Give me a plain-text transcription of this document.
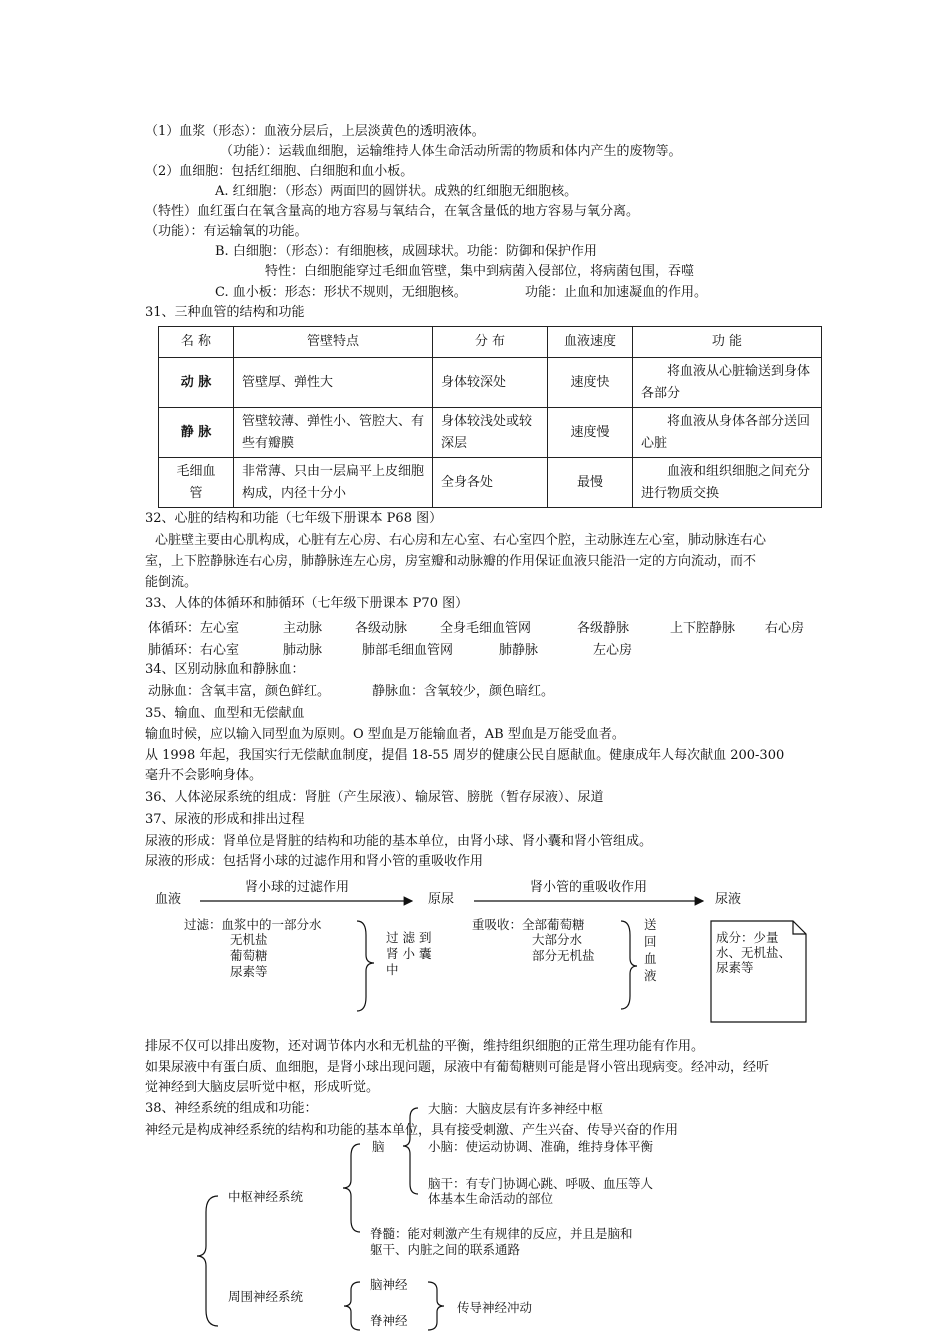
（1）血浆（形态）：血液分层后，上层淡黄色的透明液体。
（功能）：运载血细胞，运输维持人体生命活动所需的物质和体内产生的废物等。
（2）血细胞：包括红细胞、白细胞和血小板。
A. 红细胞：（形态）两面凹的圆饼状。成熟的红细胞无细胞核。
（特性）血红蛋白在氧含量高的地方容易与氧结合，在氧含量低的地方容易与氧分离。
（功能）：有运输氧的功能。
B. 白细胞：（形态）：有细胞核，成圆球状。功能：防御和保护作用
特性：白细胞能穿过毛细血管壁，集中到病菌入侵部位，将病菌包围，吞噬
C. 血小板：形态：形状不规则，无细胞核。	功能：止血和加速凝血的作用。
31、三种血管的结构和功能
名 称	管壁特点	分 布	血液速度	功 能
动 脉	管壁厚、弹性大	身体较深处	速度快	将血液从心脏输送到身体各部分
静 脉	管壁较薄、弹性小、管腔大、有些有瓣膜	身体较浅处或较深层	速度慢	将血液从身体各部分送回心脏
毛细血管	非常薄、只由一层扁平上皮细胞构成，内径十分小	全身各处	最慢	血液和组织细胞之间充分进行物质交换
32、心脏的结构和功能（七年级下册课本 P68 图）
心脏壁主要由心肌构成，心脏有左心房、右心房和左心室、右心室四个腔，主动脉连左心室，肺动脉连右心
室，上下腔静脉连右心房，肺静脉连左心房，房室瓣和动脉瓣的作用保证血液只能沿一定的方向流动，而不
能倒流。
33、人体的体循环和肺循环（七年级下册课本 P70 图）
体循环：左心室	主动脉	各级动脉	全身毛细血管网	各级静脉	上下腔静脉 右心房
肺循环：右心室	肺动脉	肺部毛细血管网	肺静脉	左心房
34、区别动脉血和静脉血：
动脉血：含氧丰富，颜色鲜红。	静脉血：含氧较少，颜色暗红。
35、输血、血型和无偿献血
输血时候，应以输入同型血为原则。O 型血是万能输血者，AB 型血是万能受血者。
从 1998 年起，我国实行无偿献血制度，提倡 18-55 周岁的健康公民自愿献血。健康成年人每次献血 200-300
毫升不会影响身体。
36、人体泌尿系统的组成：肾脏（产生尿液）、输尿管、膀胱（暂存尿液）、尿道
37、尿液的形成和排出过程
尿液的形成：肾单位是肾脏的结构和功能的基本单位，由肾小球、肾小囊和肾小管组成。
尿液的形成：包括肾小球的过滤作用和肾小管的重吸收作用
血液
肾小球的过滤作用
原尿
肾小管的重吸收作用
尿液
过滤：血浆中的一部分水
无机盐
葡萄糖
尿素等
过 滤 到
肾 小 囊
中
重吸收：全部葡萄糖
大部分水
部分无机盐
送
回
血
液
成分：少量
水、无机盐、
尿素等
排尿不仅可以排出废物，还对调节体内水和无机盐的平衡，维持组织细胞的正常生理功能有作用。
如果尿液中有蛋白质、血细胞，是肾小球出现问题，尿液中有葡萄糖则可能是肾小管出现病变。经冲动，经听
觉神经到大脑皮层听觉中枢，形成听觉。
38、神经系统的组成和功能：
神经元是构成神经系统的结构和功能的基本单位，具有接受刺激、产生兴奋、传导兴奋的作用
大脑：大脑皮层有许多神经中枢
脑	小脑：使运动协调、准确，维持身体平衡
脑干：有专门协调心跳、呼吸、血压等人
体基本生命活动的部位
中枢神经系统
脊髓：能对刺激产生有规律的反应，并且是脑和
躯干、内脏之间的联系通路
周围神经系统
脑神经
脊神经
传导神经冲动
